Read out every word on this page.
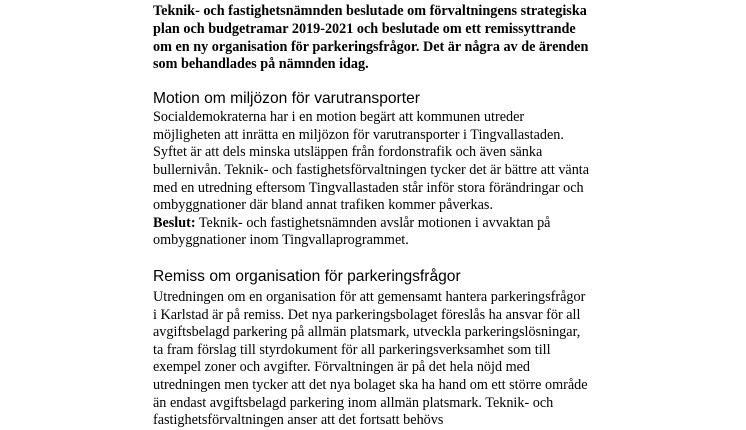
Teknik- och fastighetsnämnden beslutade om förvaltningens strategiska
plan och budgetramar 2019-2021 och beslutade om ett remissyttrande
om en ny organisation för parkeringsfrågor. Det är några av de ärenden
som behandlades på nämnden idag.

Motion om miljözon för varutransporter

Socialdemokraterna har i en motion begärt att kommunen utreder
möjligheten att inrätta en miljözon för varutransporter i Tingvallastaden.
Syftet är att dels minska utsläppen från fordonstrafik och även sänka
bullernivån. Teknik- och fastighetsförvaltningen tycker det är bättre att vänta
med en utredning eftersom Tingvallastaden står inför stora förändringar och
ombyggnationer där bland annat trafiken kommer påverkas.

Beslut: Teknik- och fastighetsnämnden avslår motionen i avvaktan på
ombyggnationer inom Tingvallaprogrammet.

Remiss om organisation för parkeringsfrågor

Utredningen om en organisation för att gemensamt hantera parkeringsfrågor
i Karlstad är på remiss. Det nya parkeringsbolaget föreslås ha ansvar för all
avgiftsbelagd parkering på allmän platsmark, utveckla parkeringslösningar,
ta fram förslag till styrdokument för all parkeringsverksamhet som till
exempel zoner och avgifter. Förvaltningen är på det hela nöjd med
utredningen men tycker att det nya bolaget ska ha hand om ett större område
än endast avgiftsbelagd parkering inom allmän platsmark. Teknik- och
fastighetsförvaltningen anser att det fortsatt behövs
